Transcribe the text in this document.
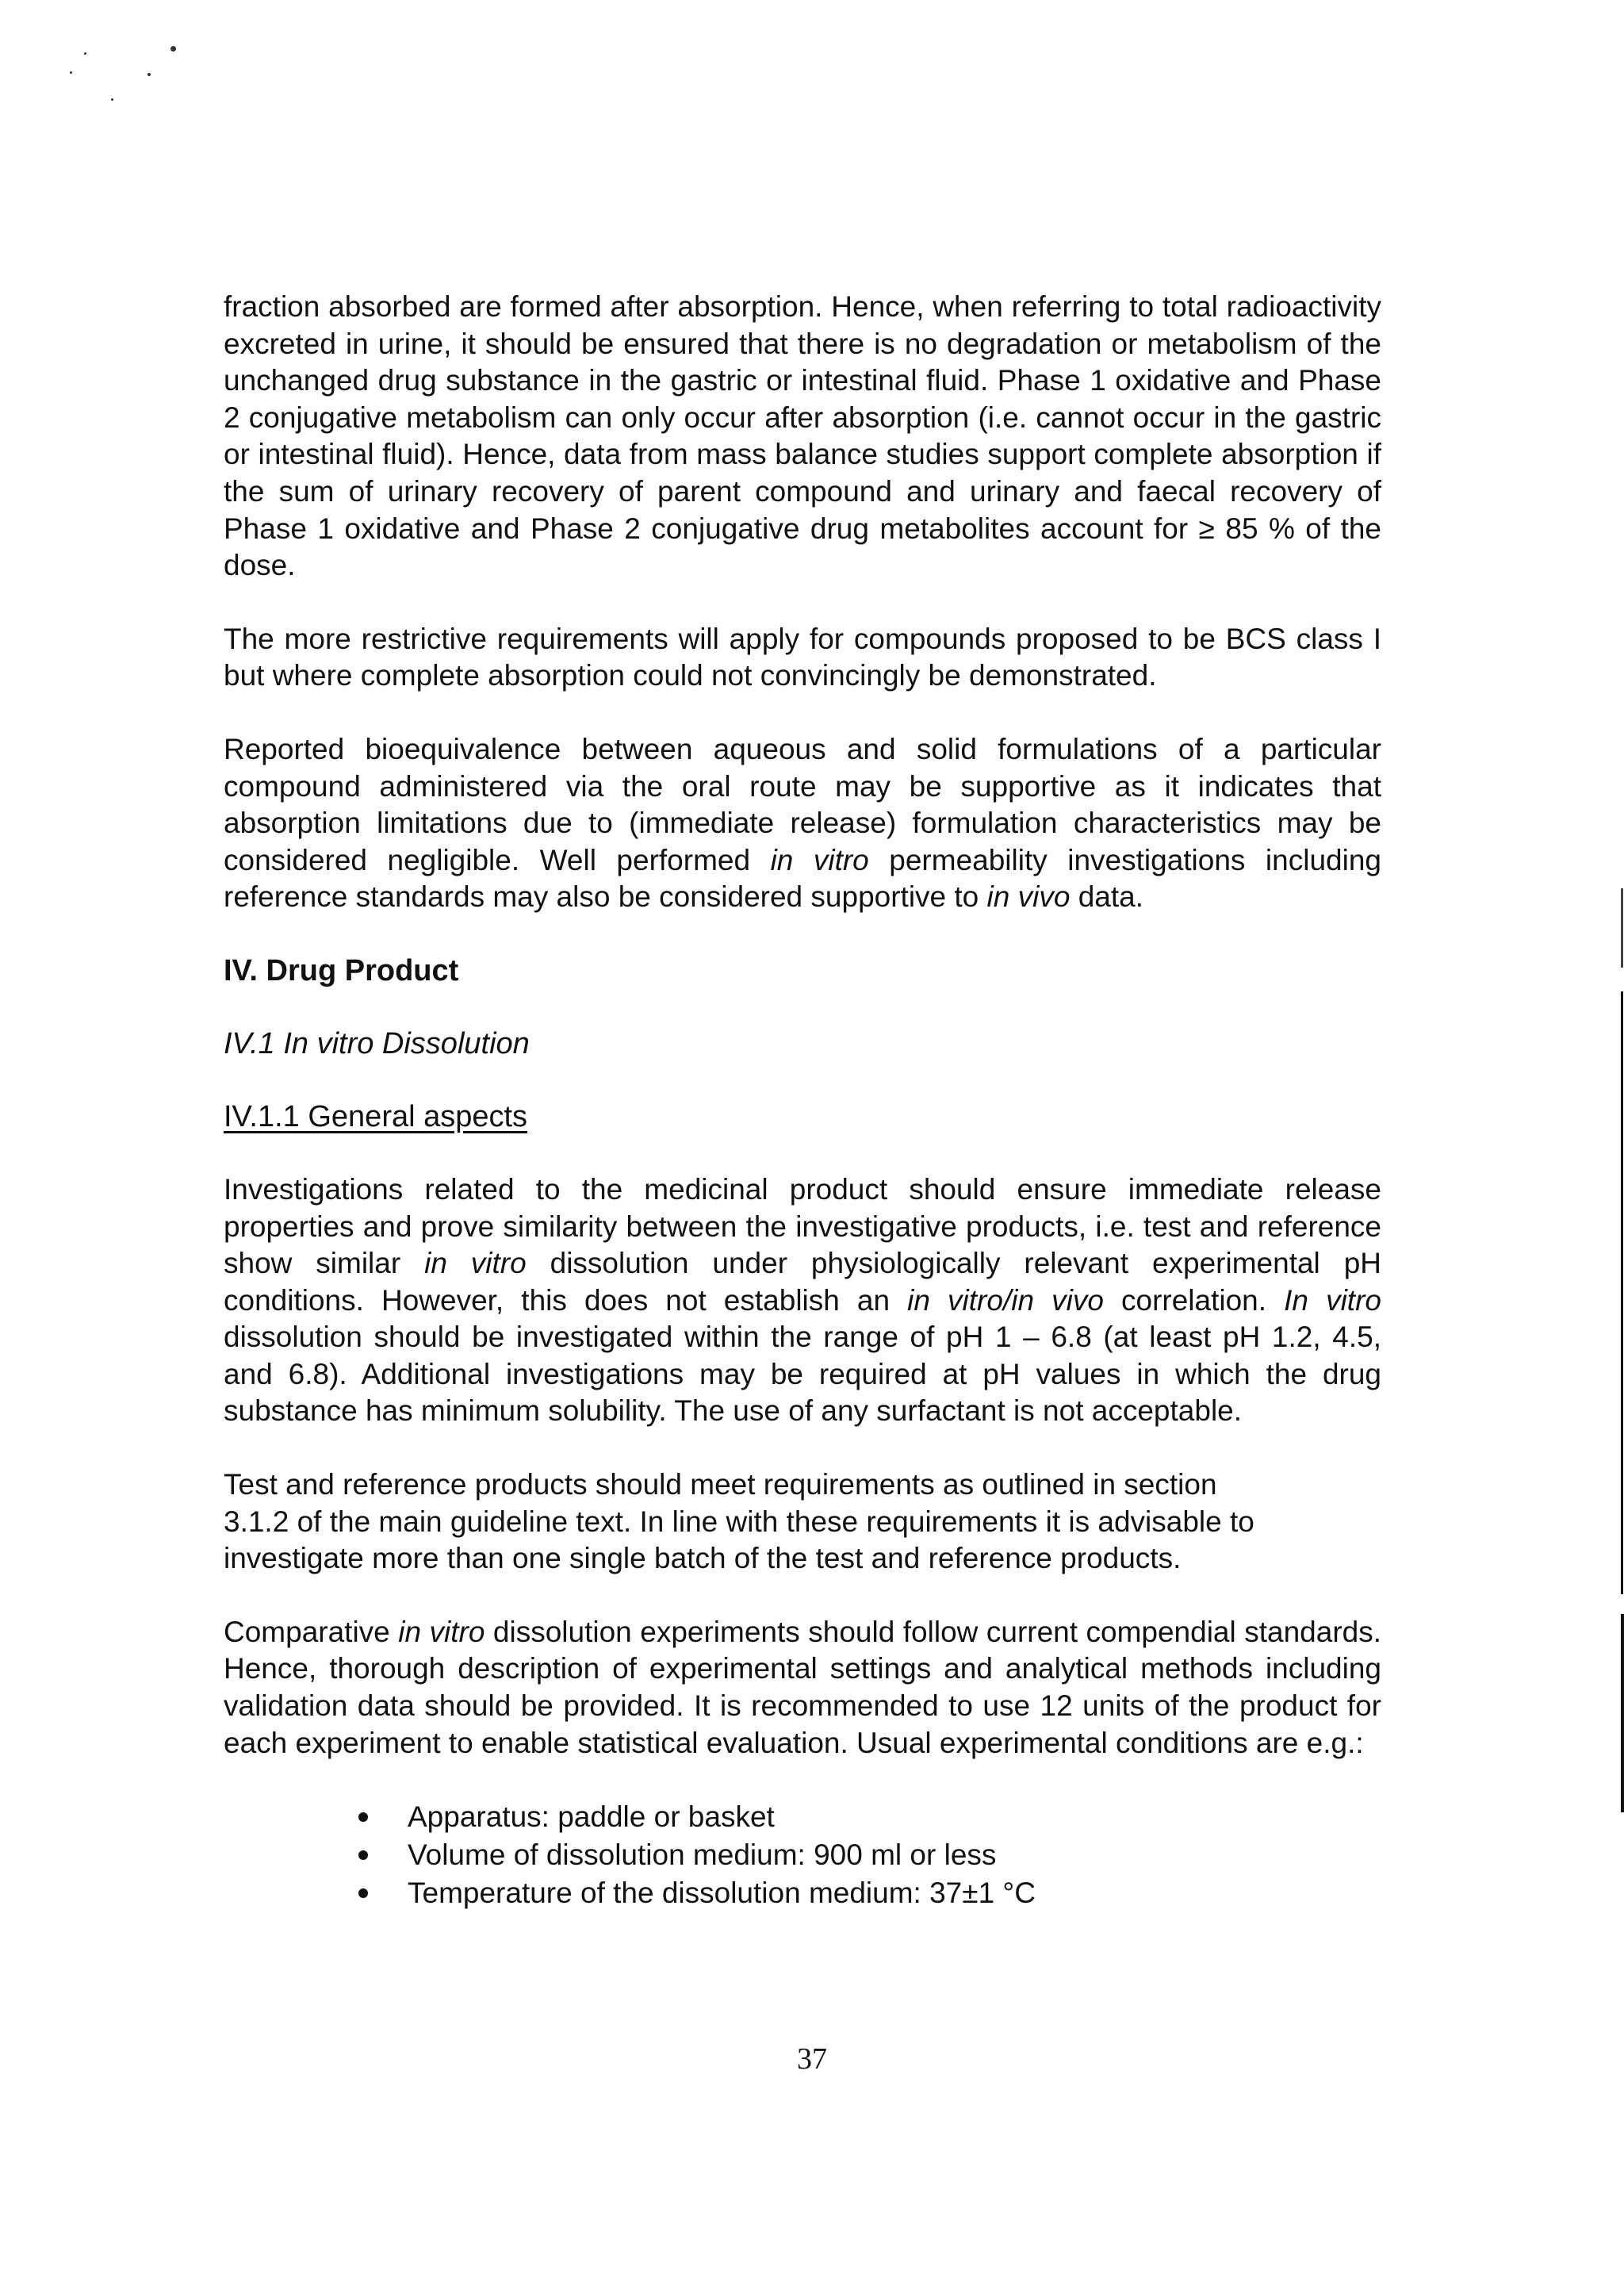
fraction absorbed are formed after absorption. Hence, when referring to total radioactivity excreted in urine, it should be ensured that there is no degradation or metabolism of the unchanged drug substance in the gastric or intestinal fluid. Phase 1 oxidative and Phase 2 conjugative metabolism can only occur after absorption (i.e. cannot occur in the gastric or intestinal fluid). Hence, data from mass balance studies support complete absorption if the sum of urinary recovery of parent compound and urinary and faecal recovery of Phase 1 oxidative and Phase 2 conjugative drug metabolites account for ≥ 85 % of the dose.

The more restrictive requirements will apply for compounds proposed to be BCS class I but where complete absorption could not convincingly be demonstrated.

Reported bioequivalence between aqueous and solid formulations of a particular compound administered via the oral route may be supportive as it indicates that absorption limitations due to (immediate release) formulation characteristics may be considered negligible. Well performed in vitro permeability investigations including reference standards may also be considered supportive to in vivo data.

IV. Drug Product
IV.1 In vitro Dissolution
IV.1.1 General aspects

Investigations related to the medicinal product should ensure immediate release properties and prove similarity between the investigative products, i.e. test and reference show similar in vitro dissolution under physiologically relevant experimental pH conditions. However, this does not establish an in vitro/in vivo correlation. In vitro dissolution should be investigated within the range of pH 1 – 6.8 (at least pH 1.2, 4.5, and 6.8). Additional investigations may be required at pH values in which the drug substance has minimum solubility. The use of any surfactant is not acceptable.

Test and reference products should meet requirements as outlined in section
3.1.2 of the main guideline text. In line with these requirements it is advisable to
investigate more than one single batch of the test and reference products.

Comparative in vitro dissolution experiments should follow current compendial standards. Hence, thorough description of experimental settings and analytical methods including validation data should be provided. It is recommended to use 12 units of the product for each experiment to enable statistical evaluation. Usual experimental conditions are e.g.:

Apparatus: paddle or basket
Volume of dissolution medium: 900 ml or less
Temperature of the dissolution medium: 37±1 °C
37
